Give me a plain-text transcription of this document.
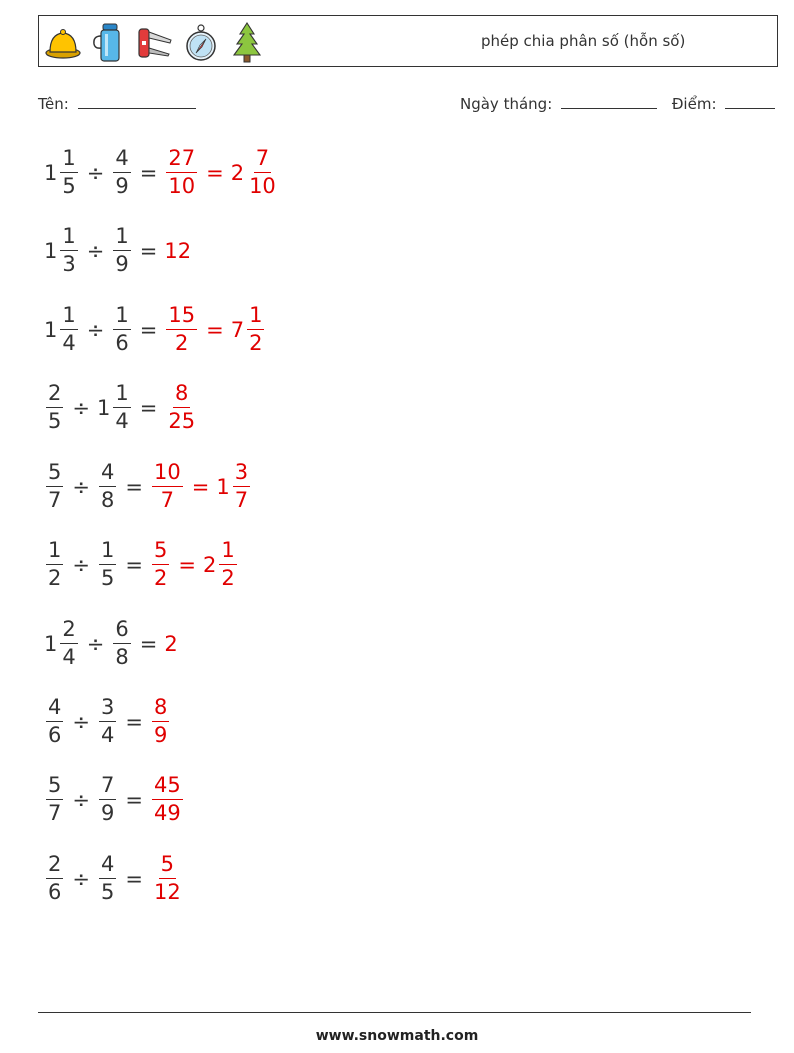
phép chia phân số (hỗn số)
Tên:	Ngày tháng:	Điểm:
$1 \frac{1}{5} \div \frac{4}{9} = \frac{27}{10} = 2 \frac{7}{10}$
$1 \frac{1}{3} \div \frac{1}{9} = 12$
$1 \frac{1}{4} \div \frac{1}{6} = \frac{15}{2} = 7 \frac{1}{2}$
$\frac{2}{5} \div 1 \frac{1}{4} = \frac{8}{25}$
$\frac{5}{7} \div \frac{4}{8} = \frac{10}{7} = 1 \frac{3}{7}$
$\frac{1}{2} \div \frac{1}{5} = \frac{5}{2} = 2 \frac{1}{2}$
$1 \frac{2}{4} \div \frac{6}{8} = 2$
$\frac{4}{6} \div \frac{3}{4} = \frac{8}{9}$
$\frac{5}{7} \div \frac{7}{9} = \frac{45}{49}$
$\frac{2}{6} \div \frac{4}{5} = \frac{5}{12}$
www.snowmath.com
